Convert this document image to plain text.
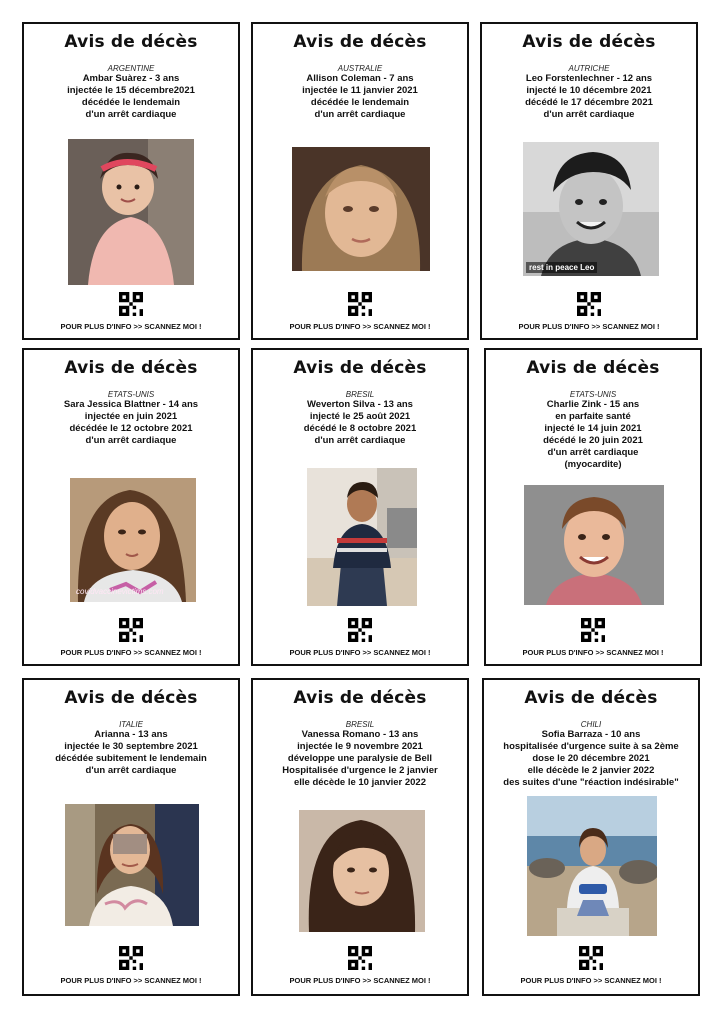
Avis de décès
ARGENTINE
Ambar Suàrez - 3 ans
injectée le 15 décembre2021
décédée le lendemain
d'un arrêt cardiaque
POUR PLUS D'INFO >> SCANNEZ MOI !
Avis de décès
AUSTRALIE
Allison Coleman - 7 ans
injectée le 11 janvier 2021
décédée le lendemain
d'un arrêt cardiaque
POUR PLUS D'INFO >> SCANNEZ MOI !
Avis de décès
AUTRICHE
Leo Forstenlechner - 12 ans
injecté le 10 décembre 2021
décédé le 17 décembre 2021
d'un arrêt cardiaque
rest in peace Leo
POUR PLUS D'INFO >> SCANNEZ MOI !
Avis de décès
ETATS-UNIS
Sara Jessica Blattner - 14 ans
injectée en juin 2021
décédée le 12 octobre 2021
d'un arrêt cardiaque
covidvaccinevictims.com
POUR PLUS D'INFO >> SCANNEZ MOI !
Avis de décès
BRESIL
Weverton Silva - 13 ans
injecté le 25 août 2021
décédé le 8 octobre 2021
d'un arrêt cardiaque
POUR PLUS D'INFO >> SCANNEZ MOI !
Avis de décès
ETATS-UNIS
Charlie Zink - 15 ans
en parfaite santé
injecté le 14 juin 2021
décédé le 20 juin 2021
d'un arrêt cardiaque
(myocardite)
POUR PLUS D'INFO >> SCANNEZ MOI !
Avis de décès
ITALIE
Arianna - 13 ans
injectée le 30 septembre 2021
décédée subitement le lendemain
d'un arrêt cardiaque
POUR PLUS D'INFO >> SCANNEZ MOI !
Avis de décès
BRESIL
Vanessa Romano - 13 ans
injectée le 9 novembre 2021
développe une paralysie de Bell
Hospitalisée d'urgence le 2 janvier
elle décède le 10 janvier 2022
POUR PLUS D'INFO >> SCANNEZ MOI !
Avis de décès
CHILI
Sofia Barraza - 10 ans
hospitalisée d'urgence suite à sa 2ème
dose le 20 décembre 2021
elle décède le 2 janvier 2022
des suites d'une "réaction indésirable"
POUR PLUS D'INFO >> SCANNEZ MOI !
